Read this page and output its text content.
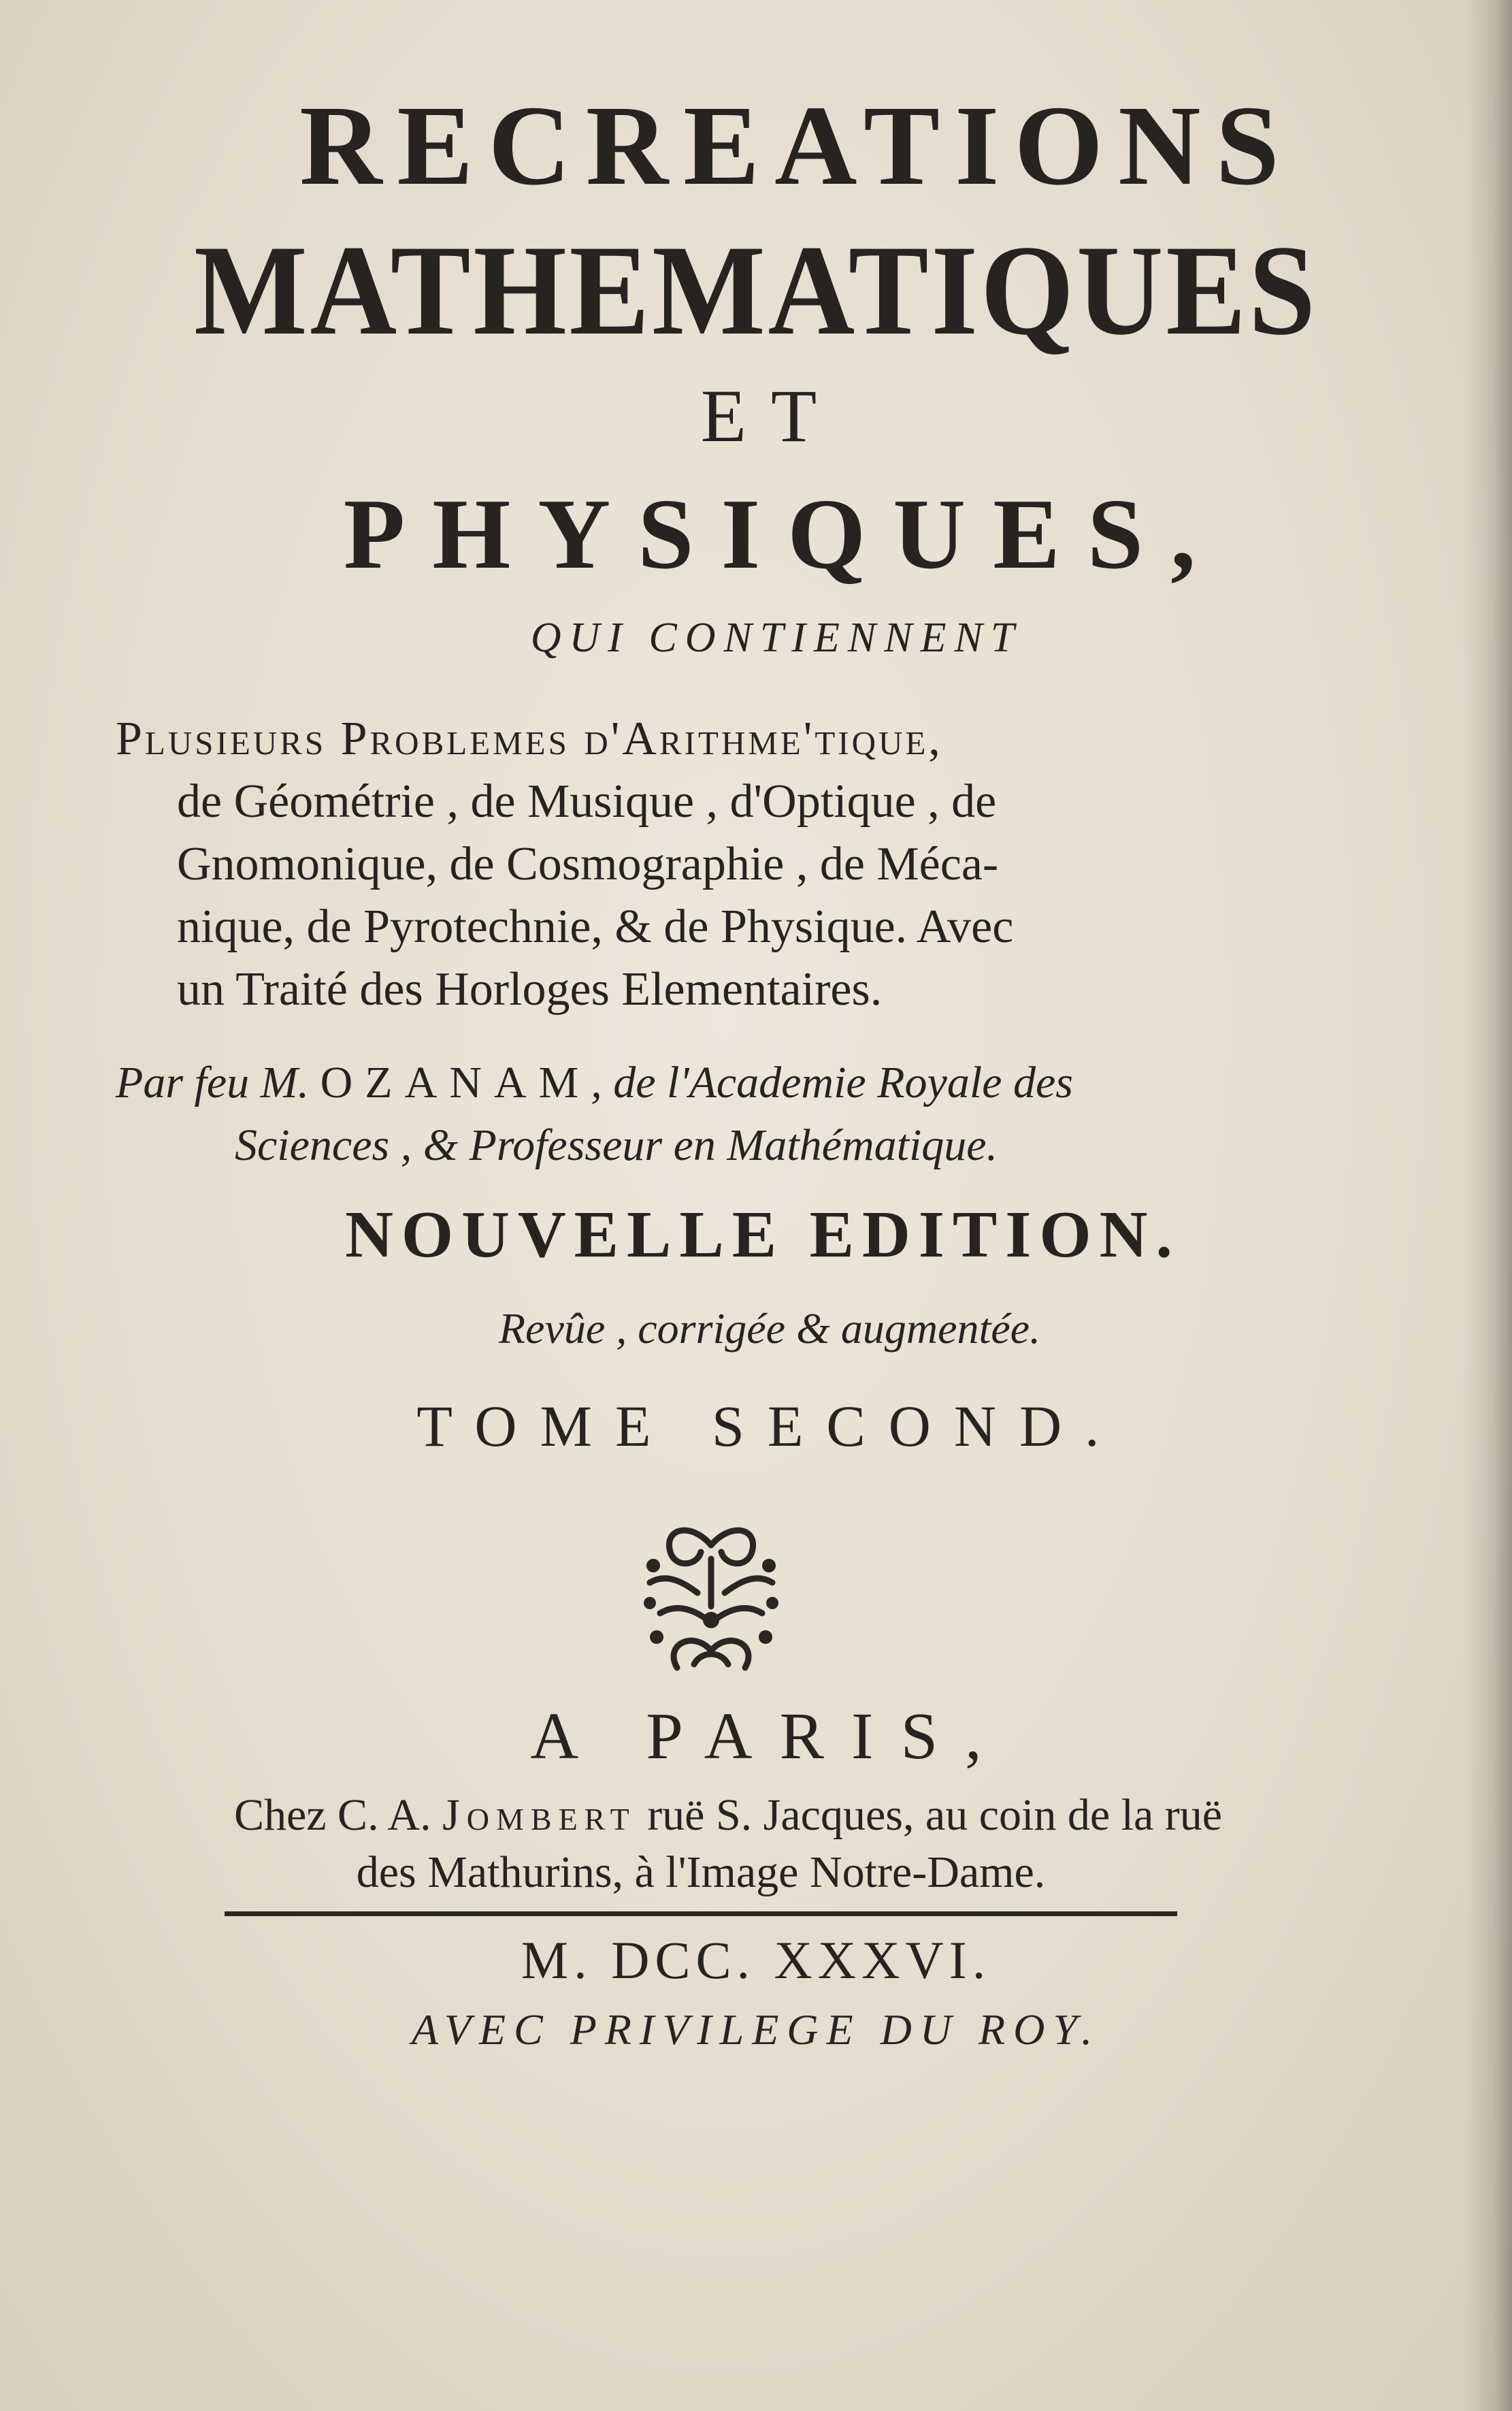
RECREATIONS
MATHEMATIQUES
ET
PHYSIQUES,
QUI CONTIENNENT
Plusieurs Problemes d'Arithme'tique,
de Géométrie , de Musique , d'Optique , de
Gnomonique, de Cosmographie , de Méca-
nique, de Pyrotechnie, & de Physique. Avec
un Traité des Horloges Elementaires.
Par feu M. OZANAM, de l'Academie Royale des
Sciences , & Professeur en Mathématique.
NOUVELLE EDITION.
Revûe , corrigée & augmentée.
TOME SECOND.
A PARIS,
Chez C. A. Jombert ruë S. Jacques, au coin de la ruë
des Mathurins, à l'Image Notre-Dame.
M. DCC. XXXVI.
AVEC PRIVILEGE DU ROY.
